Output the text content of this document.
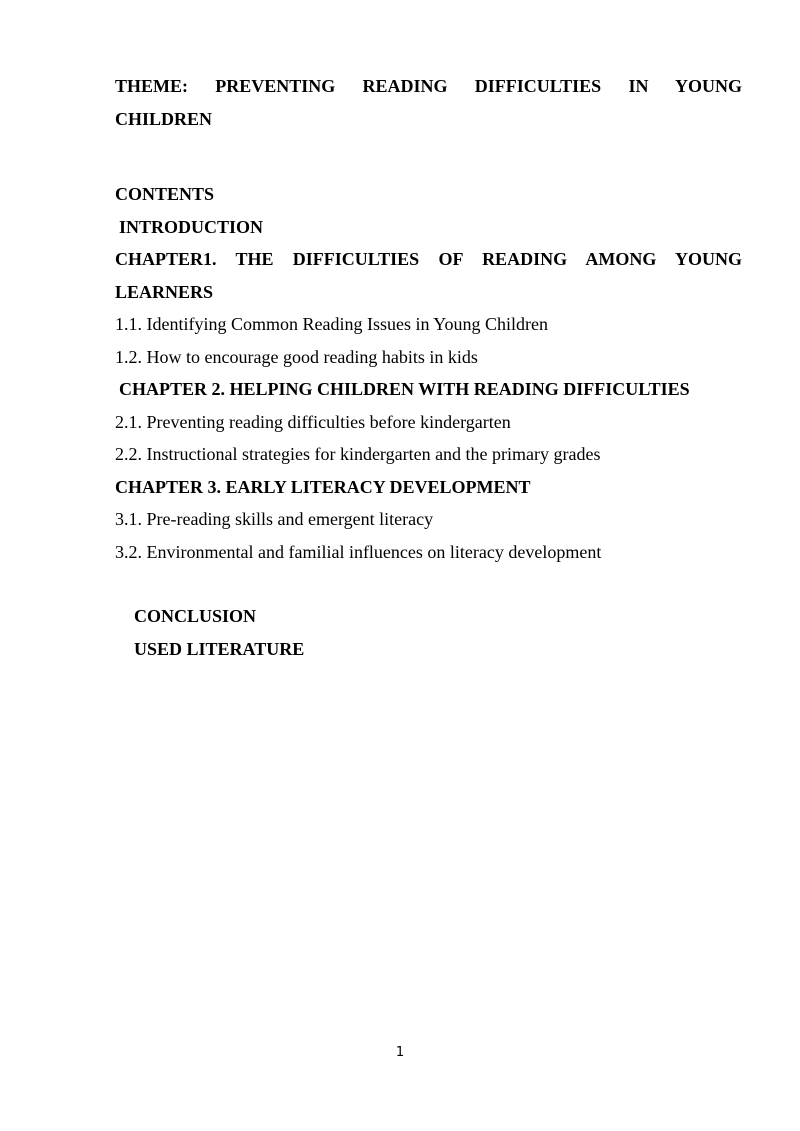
THEME: PREVENTING READING DIFFICULTIES IN YOUNG
CHILDREN
CONTENTS
INTRODUCTION
CHAPTER1. THE DIFFICULTIES OF READING AMONG YOUNG
LEARNERS
1.1. Identifying Common Reading Issues in Young Children
1.2. How to encourage good reading habits in kids
CHAPTER 2. HELPING CHILDREN WITH READING DIFFICULTIES
2.1. Preventing reading difficulties before kindergarten
2.2. Instructional strategies for kindergarten and the primary grades
CHAPTER 3. EARLY LITERACY DEVELOPMENT
3.1. Pre-reading skills and emergent literacy
3.2. Environmental and familial influences on literacy development
CONCLUSION
USED LITERATURE
1
